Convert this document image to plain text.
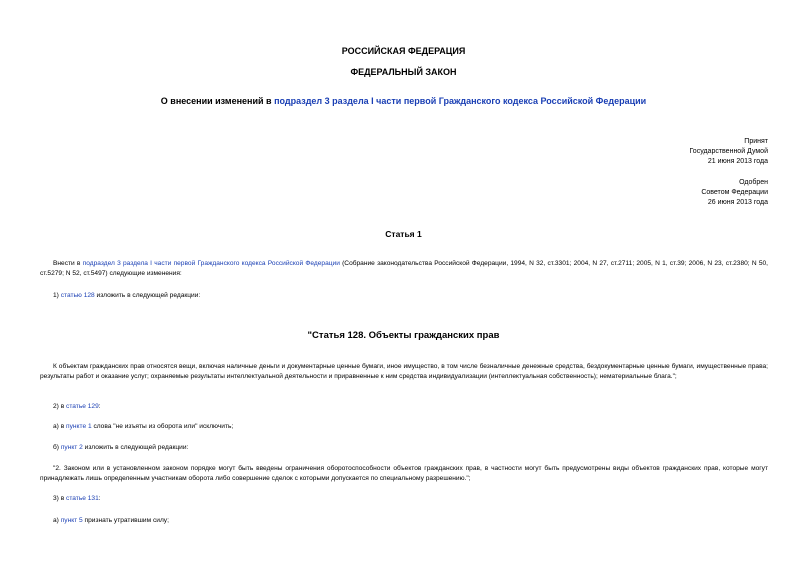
РОССИЙСКАЯ ФЕДЕРАЦИЯ
ФЕДЕРАЛЬНЫЙ ЗАКОН
О внесении изменений в подраздел 3 раздела I части первой Гражданского кодекса Российской Федерации
Принят
Государственной Думой
21 июня 2013 года
Одобрен
Советом Федерации
26 июня 2013 года
Статья 1
Внести в подраздел 3 раздела I части первой Гражданского кодекса Российской Федерации (Собрание законодательства Российской Федерации, 1994, N 32, ст.3301; 2004, N 27, ст.2711; 2005, N 1, ст.39; 2006, N 23, ст.2380; N 50, ст.5279; N 52, ст.5497) следующие изменения:
1) статью 128 изложить в следующей редакции:
"Статья 128. Объекты гражданских прав
К объектам гражданских прав относятся вещи, включая наличные деньги и документарные ценные бумаги, иное имущество, в том числе безналичные денежные средства, бездокументарные ценные бумаги, имущественные права; результаты работ и оказание услуг; охраняемые результаты интеллектуальной деятельности и приравненные к ним средства индивидуализации (интеллектуальная собственность); нематериальные блага.";
2) в статье 129:
а) в пункте 1 слова "не изъяты из оборота или" исключить;
б) пункт 2 изложить в следующей редакции:
"2. Законом или в установленном законом порядке могут быть введены ограничения оборотоспособности объектов гражданских прав, в частности могут быть предусмотрены виды объектов гражданских прав, которые могут принадлежать лишь определенным участникам оборота либо совершение сделок с которыми допускается по специальному разрешению.";
3) в статье 131:
а) пункт 5 признать утратившим силу;
